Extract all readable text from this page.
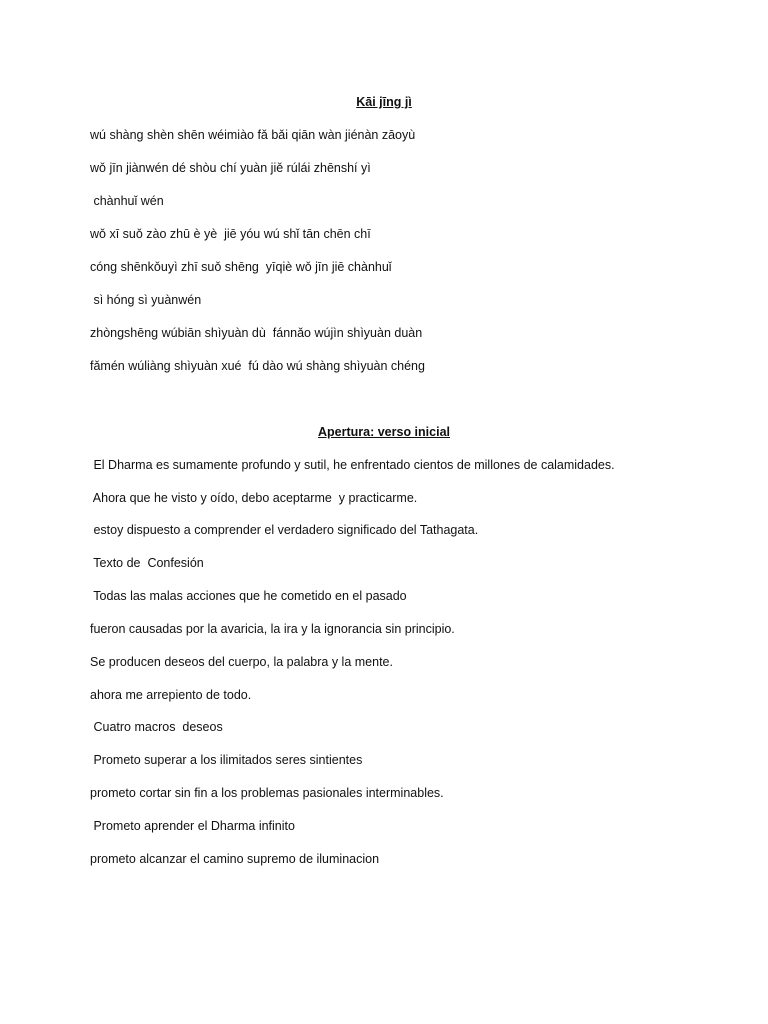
Kāi jīng jì
wú shàng shèn shēn wéimiào fǎ bǎi qiān wàn jiénàn zāoyù
wǒ jīn jiànwén dé shòu chí yuàn jiě rúlái zhēnshí yì
chànhuǐ wén
wǒ xī suǒ zào zhū è yè  jiē yóu wú shǐ tān chēn chī
cóng shēnkǒuyì zhī suǒ shēng  yīqiè wǒ jīn jiē chànhuǐ
sì hóng sì yuànwén
zhòngshēng wúbiān shìyuàn dù  fánnǎo wújìn shìyuàn duàn
fǎmén wúliàng shìyuàn xué  fú dào wú shàng shìyuàn chéng
Apertura: verso inicial
El Dharma es sumamente profundo y sutil, he enfrentado cientos de millones de calamidades.
Ahora que he visto y oído, debo aceptarme  y practicarme.
estoy dispuesto a comprender el verdadero significado del Tathagata.
Texto de  Confesión
Todas las malas acciones que he cometido en el pasado
fueron causadas por la avaricia, la ira y la ignorancia sin principio.
Se producen deseos del cuerpo, la palabra y la mente.
ahora me arrepiento de todo.
Cuatro macros  deseos
Prometo superar a los ilimitados seres sintientes
prometo cortar sin fin a los problemas pasionales interminables.
Prometo aprender el Dharma infinito
prometo alcanzar el camino supremo de iluminacion
